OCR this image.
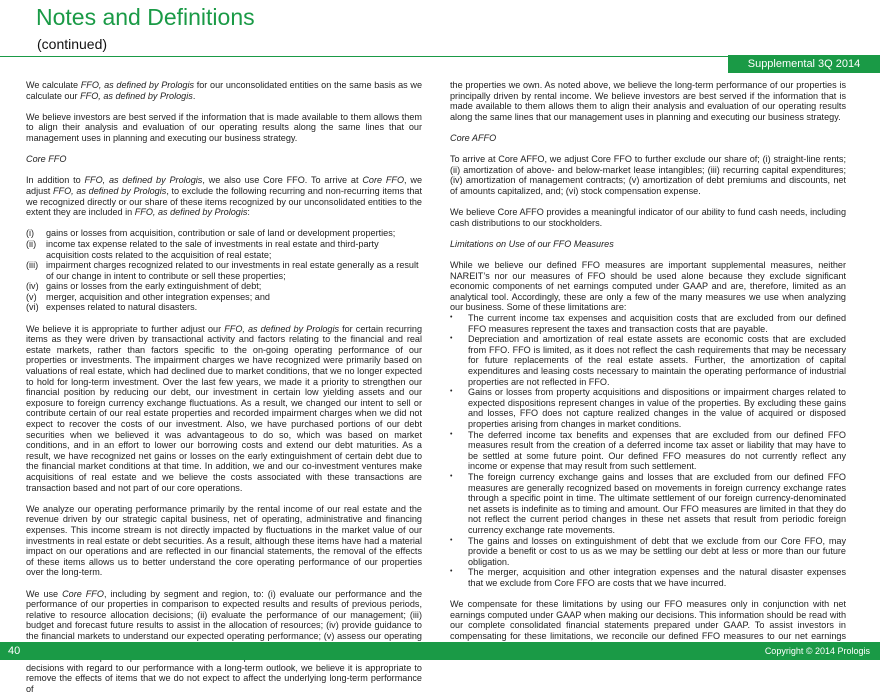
Notes and Definitions
(continued)
Supplemental 3Q 2014

We calculate FFO, as defined by Prologis for our unconsolidated entities on the same basis as we calculate our FFO, as defined by Prologis.

We believe investors are best served if the information that is made available to them allows them to align their analysis and evaluation of our operating results along the same lines that our management uses in planning and executing our business strategy.

Core FFO

In addition to FFO, as defined by Prologis, we also use Core FFO. To arrive at Core FFO, we adjust FFO, as defined by Prologis, to exclude the following recurring and non-recurring items that we recognized directly or our share of these items recognized by our unconsolidated entities to the extent they are included in FFO, as defined by Prologis:

(i)	gains or losses from acquisition, contribution or sale of land or development properties;
(ii)	income tax expense related to the sale of investments in real estate and third-party acquisition costs related to the acquisition of real estate;
(iii) impairment charges recognized related to our investments in real estate generally as a result of our change in intent to contribute or sell these properties;
(iv) gains or losses from the early extinguishment of debt;
(v)	merger, acquisition and other integration expenses; and
(vi) expenses related to natural disasters.

We believe it is appropriate to further adjust our FFO, as defined by Prologis for certain recurring items as they were driven by transactional activity and factors relating to the financial and real estate markets, rather than factors specific to the on-going operating performance of our properties or investments. The impairment charges we have recognized were primarily based on valuations of real estate, which had declined due to market conditions, that we no longer expected to hold for long-term investment. Over the last few years, we made it a priority to strengthen our financial position by reducing our debt, our investment in certain low yielding assets and our exposure to foreign currency exchange fluctuations. As a result, we changed our intent to sell or contribute certain of our real estate properties and recorded impairment charges when we did not expect to recover the costs of our investment. Also, we have purchased portions of our debt securities when we believed it was advantageous to do so, which was based on market conditions, and in an effort to lower our borrowing costs and extend our debt maturities. As a result, we have recognized net gains or losses on the early extinguishment of certain debt due to the financial market conditions at that time. In addition, we and our co-investment ventures make acquisitions of real estate and we believe the costs associated with these transactions are transaction based and not part of our core operations.

We analyze our operating performance primarily by the rental income of our real estate and the revenue driven by our strategic capital business, net of operating, administrative and financing expenses. This income stream is not directly impacted by fluctuations in the market value of our investments in real estate or debt securities. As a result, although these items have had a material impact on our operations and are reflected in our financial statements, the removal of the effects of these items allows us to better understand the core operating performance of our properties over the long-term.

We use Core FFO, including by segment and region, to: (i) evaluate our performance and the performance of our properties in comparison to expected results and results of previous periods, relative to resource allocation decisions; (ii) evaluate the performance of our management; (iii) budget and forecast future results to assist in the allocation of resources; (iv) provide guidance to the financial markets to understand our expected operating performance; (v) assess our operating decisions with regard to our performance with a long-term outlook, we believe it is appropriate to remove the effects of items that we do not expect to affect the underlying long-term performance of

the properties we own. As noted above, we believe the long-term performance of our properties is principally driven by rental income. We believe investors are best served if the information that is made available to them allows them to align their analysis and evaluation of our operating results along the same lines that our management uses in planning and executing our business strategy.

Core AFFO

To arrive at Core AFFO, we adjust Core FFO to further exclude our share of; (i) straight-line rents; (ii) amortization of above- and below-market lease intangibles; (iii) recurring capital expenditures; (iv) amortization of management contracts; (v) amortization of debt premiums and discounts, net of amounts capitalized, and; (vi) stock compensation expense.

We believe Core AFFO provides a meaningful indicator of our ability to fund cash needs, including cash distributions to our stockholders.

Limitations on Use of our FFO Measures

While we believe our defined FFO measures are important supplemental measures, neither NAREIT’s nor our measures of FFO should be used alone because they exclude significant economic components of net earnings computed under GAAP and are, therefore, limited as an analytical tool. Accordingly, these are only a few of the many measures we use when analyzing our business. Some of these limitations are:

•	The current income tax expenses and acquisition costs that are excluded from our defined FFO measures represent the taxes and transaction costs that are payable.
•	Depreciation and amortization of real estate assets are economic costs that are excluded from FFO. FFO is limited, as it does not reflect the cash requirements that may be necessary for future replacements of the real estate assets. Further, the amortization of capital expenditures and leasing costs necessary to maintain the operating performance of industrial properties are not reflected in FFO.
•	Gains or losses from property acquisitions and dispositions or impairment charges related to expected dispositions represent changes in value of the properties. By excluding these gains and losses, FFO does not capture realized changes in the value of acquired or disposed properties arising from changes in market conditions.
•	The deferred income tax benefits and expenses that are excluded from our defined FFO measures result from the creation of a deferred income tax asset or liability that may have to be settled at some future point. Our defined FFO measures do not currently reflect any income or expense that may result from such settlement.
•	The foreign currency exchange gains and losses that are excluded from our defined FFO measures are generally recognized based on movements in foreign currency exchange rates through a specific point in time. The ultimate settlement of our foreign currency-denominated net assets is indefinite as to timing and amount. Our FFO measures are limited in that they do not reflect the current period changes in these net assets that result from periodic foreign currency exchange rate movements.
•	The gains and losses on extinguishment of debt that we exclude from our Core FFO, may provide a benefit or cost to us as we may be settling our debt at less or more than our future obligation.
•	The merger, acquisition and other integration expenses and the natural disaster expenses that we exclude from Core FFO are costs that we have incurred.

We compensate for these limitations by using our FFO measures only in conjunction with net earnings computed under GAAP when making our decisions. This information should be read with our complete consolidated financial statements prepared under GAAP. To assist investors in compensating for these limitations, we reconcile our defined FFO measures to our net earnings

40	Copyright © 2014 Prologis
